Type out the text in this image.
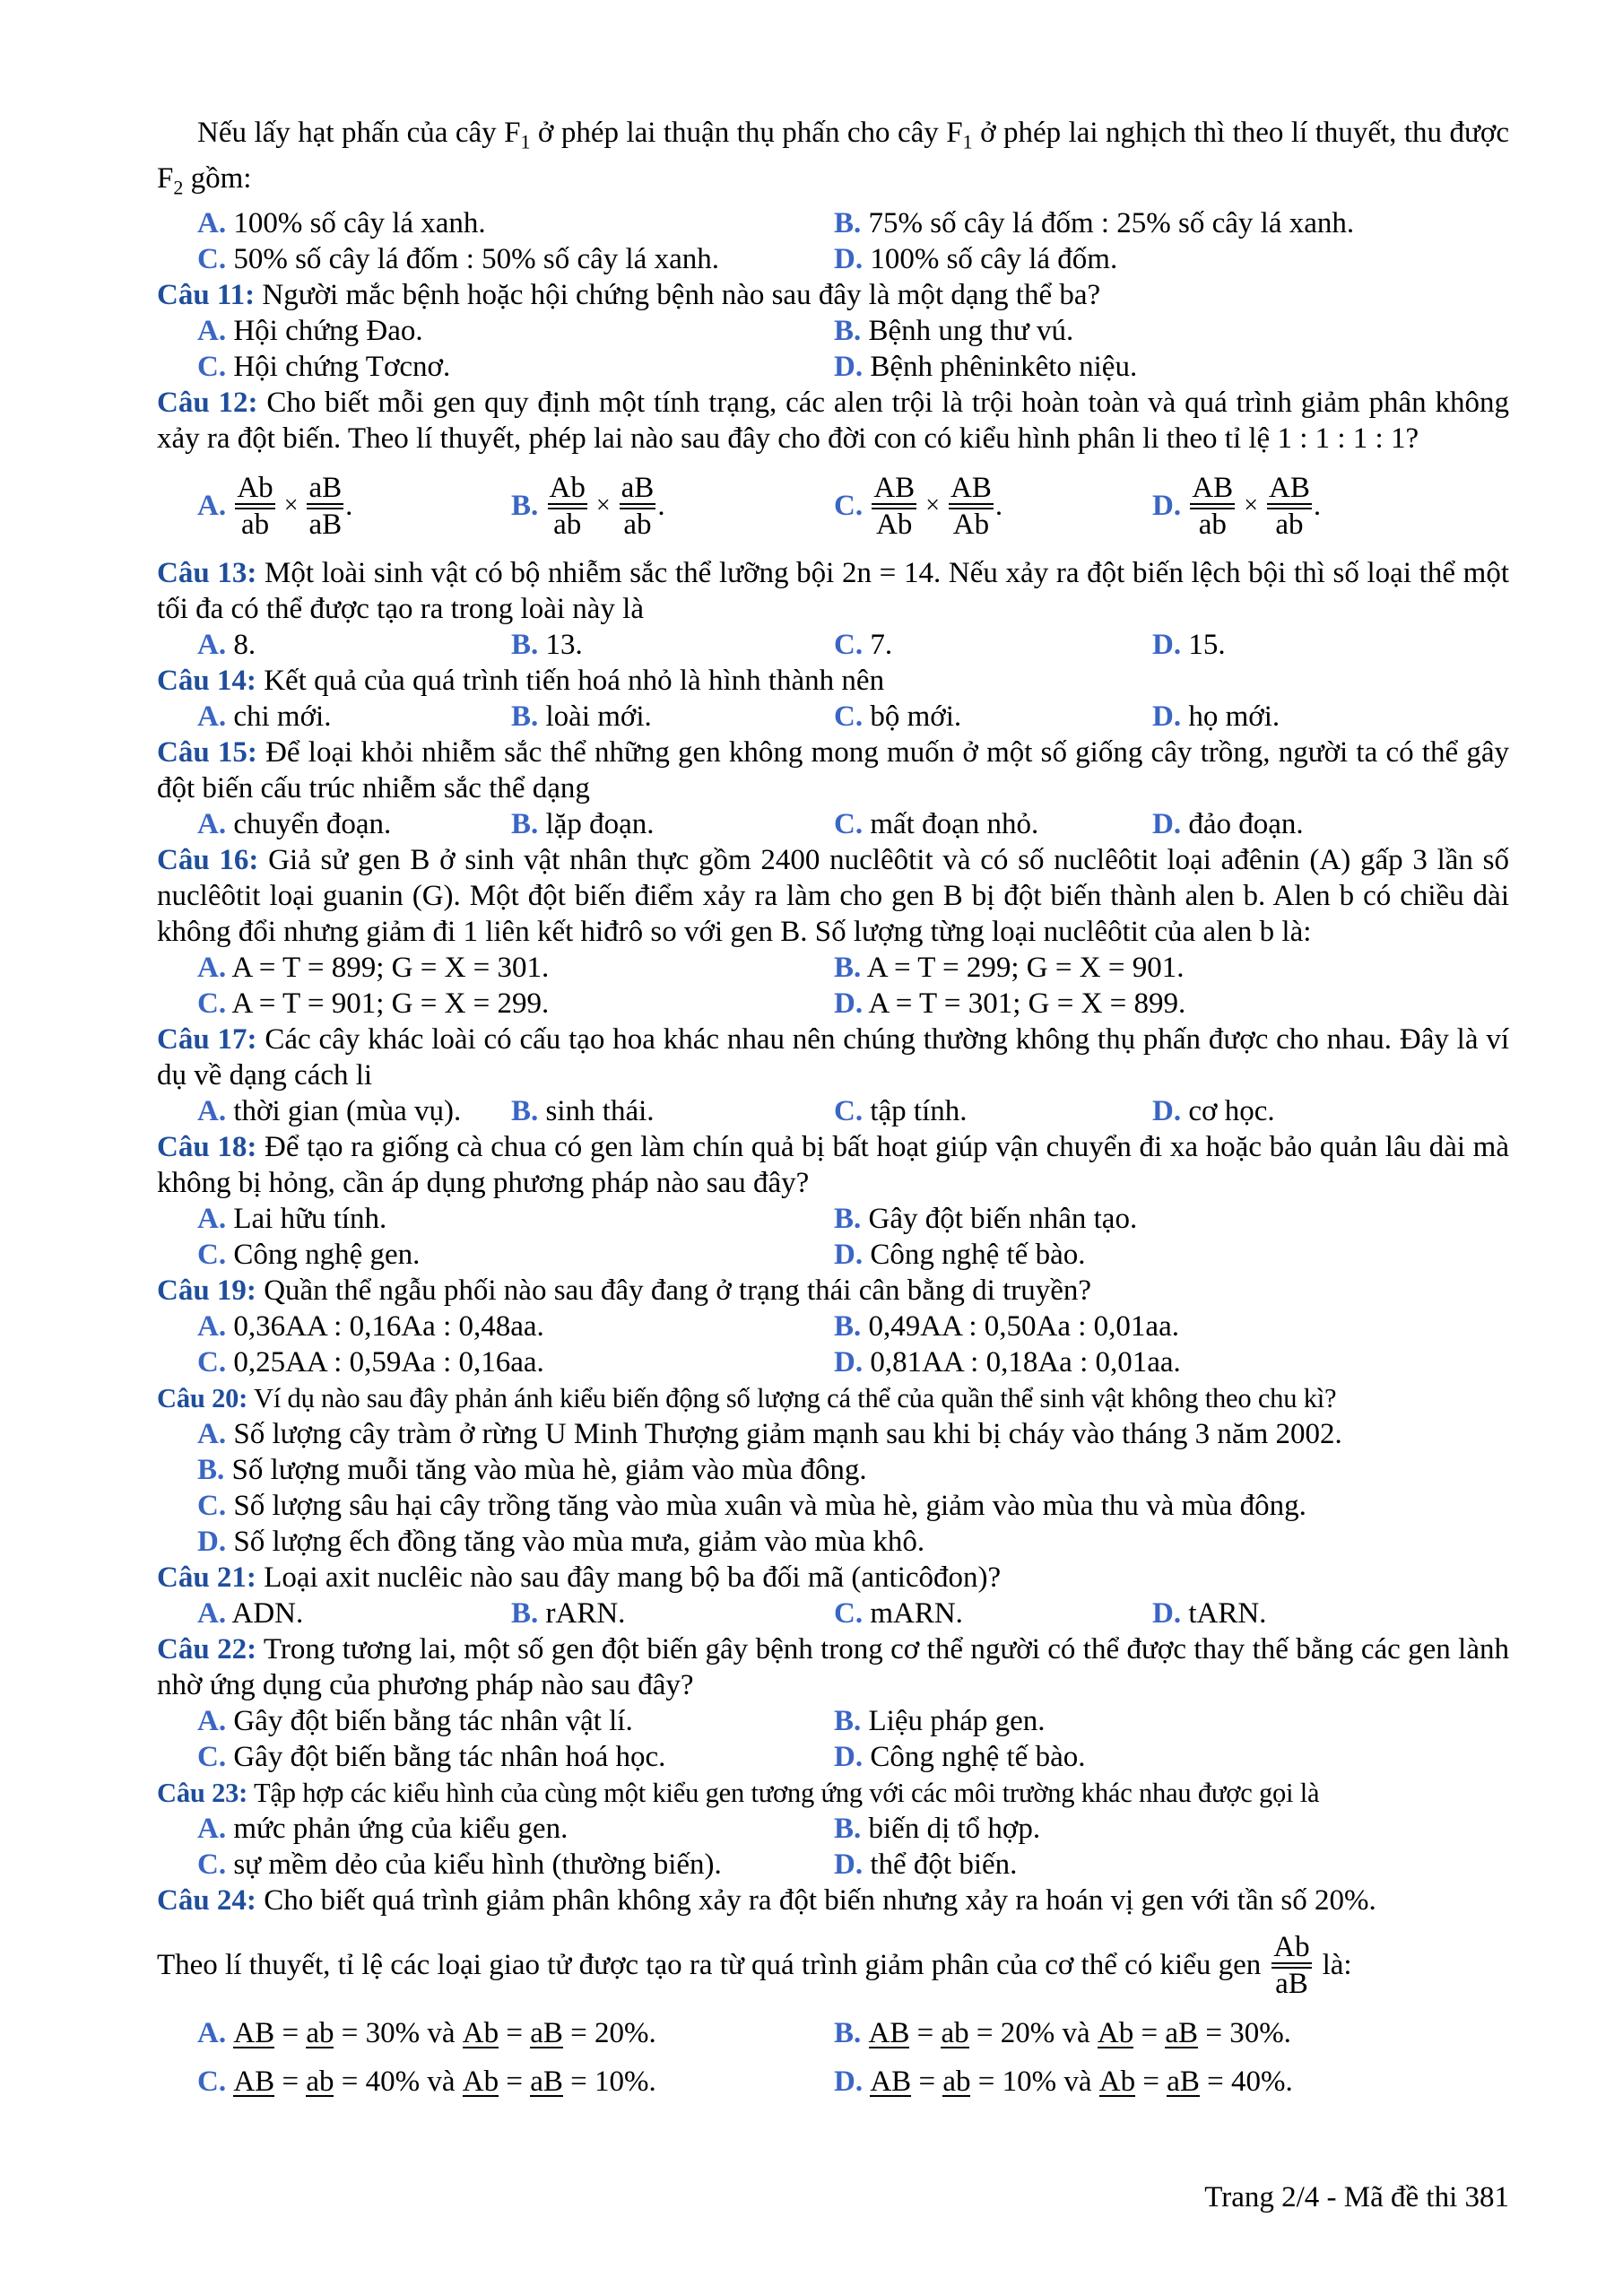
Nếu lấy hạt phấn của cây $F_1$ ở phép lai thuận thụ phấn cho cây $F_1$ ở phép lai nghịch thì theo lí thuyết, thu được $F_2$ gồm:

A. 100% số cây lá xanh.	B. 75% số cây lá đốm : 25% số cây lá xanh.
C. 50% số cây lá đốm : 50% số cây lá xanh.	D. 100% số cây lá đốm.

Câu 11: Người mắc bệnh hoặc hội chứng bệnh nào sau đây là một dạng thể ba?

A. Hội chứng Đao.	B. Bệnh ung thư vú.
C. Hội chứng Tơcnơ.	D. Bệnh phêninkêto niệu.

Câu 12: Cho biết mỗi gen quy định một tính trạng, các alen trội là trội hoàn toàn và quá trình giảm phân không xảy ra đột biến. Theo lí thuyết, phép lai nào sau đây cho đời con có kiểu hình phân li theo tỉ lệ 1 : 1 : 1 : 1?

A.

Ab
ab
×
aB
aB
.	B.

Ab
ab
×
aB
ab
.	C.

AB
Ab
×
AB
Ab
.	D.

AB
ab
×
AB
ab
.

Câu 13: Một loài sinh vật có bộ nhiễm sắc thể lưỡng bội 2n = 14. Nếu xảy ra đột biến lệch bội thì số loại thể một tối đa có thể được tạo ra trong loài này là

A. 8.	B. 13.	C. 7.	D. 15.

Câu 14: Kết quả của quá trình tiến hoá nhỏ là hình thành nên

A. chi mới.	B. loài mới.	C. bộ mới.	D. họ mới.

Câu 15: Để loại khỏi nhiễm sắc thể những gen không mong muốn ở một số giống cây trồng, người ta có thể gây đột biến cấu trúc nhiễm sắc thể dạng

A. chuyển đoạn.	B. lặp đoạn.	C. mất đoạn nhỏ.	D. đảo đoạn.

Câu 16: Giả sử gen B ở sinh vật nhân thực gồm 2400 nuclêôtit và có số nuclêôtit loại ađênin (A) gấp 3 lần số nuclêôtit loại guanin (G). Một đột biến điểm xảy ra làm cho gen B bị đột biến thành alen b. Alen b có chiều dài không đổi nhưng giảm đi 1 liên kết hiđrô so với gen B. Số lượng từng loại nuclêôtit của alen b là:

A. A = T = 899; G = X = 301.	B. A = T = 299; G = X = 901.
C. A = T = 901; G = X = 299.	D. A = T = 301; G = X = 899.

Câu 17: Các cây khác loài có cấu tạo hoa khác nhau nên chúng thường không thụ phấn được cho nhau. Đây là ví dụ về dạng cách li

A. thời gian (mùa vụ). B. sinh thái.	C. tập tính.	D. cơ học.

Câu 18: Để tạo ra giống cà chua có gen làm chín quả bị bất hoạt giúp vận chuyển đi xa hoặc bảo quản lâu dài mà không bị hỏng, cần áp dụng phương pháp nào sau đây?

A. Lai hữu tính.	B. Gây đột biến nhân tạo.
C. Công nghệ gen.	D. Công nghệ tế bào.

Câu 19: Quần thể ngẫu phối nào sau đây đang ở trạng thái cân bằng di truyền?

A. 0,36AA : 0,16Aa : 0,48aa.	B. 0,49AA : 0,50Aa : 0,01aa.
C. 0,25AA : 0,59Aa : 0,16aa.	D. 0,81AA : 0,18Aa : 0,01aa.

Câu 20: Ví dụ nào sau đây phản ánh kiểu biến động số lượng cá thể của quần thể sinh vật không theo chu kì?

A. Số lượng cây tràm ở rừng U Minh Thượng giảm mạnh sau khi bị cháy vào tháng 3 năm 2002.
B. Số lượng muỗi tăng vào mùa hè, giảm vào mùa đông.
C. Số lượng sâu hại cây trồng tăng vào mùa xuân và mùa hè, giảm vào mùa thu và mùa đông.
D. Số lượng ếch đồng tăng vào mùa mưa, giảm vào mùa khô.

Câu 21: Loại axit nuclêic nào sau đây mang bộ ba đối mã (anticôđon)?

A. ADN.	B. rARN.	C. mARN.	D. tARN.

Câu 22: Trong tương lai, một số gen đột biến gây bệnh trong cơ thể người có thể được thay thế bằng các gen lành nhờ ứng dụng của phương pháp nào sau đây?

A. Gây đột biến bằng tác nhân vật lí.	B. Liệu pháp gen.
C. Gây đột biến bằng tác nhân hoá học.	D. Công nghệ tế bào.

Câu 23: Tập hợp các kiểu hình của cùng một kiểu gen tương ứng với các môi trường khác nhau được gọi là

A. mức phản ứng của kiểu gen.	B. biến dị tổ hợp.
C. sự mềm dẻo của kiểu hình (thường biến).	D. thể đột biến.

Câu 24: Cho biết quá trình giảm phân không xảy ra đột biến nhưng xảy ra hoán vị gen với tần số 20%.

Theo lí thuyết, tỉ lệ các loại giao tử được tạo ra từ quá trình giảm phân của cơ thể có kiểu gen
Ab
aB
là:
A. AB = ab = 30% và Ab = aB = 20%.	B. AB = ab = 20% và Ab = aB = 30%.
C. AB = ab = 40% và Ab = aB = 10%.	D. AB = ab = 10% và Ab = aB = 40%.
Trang 2/4 - Mã đề thi 381
